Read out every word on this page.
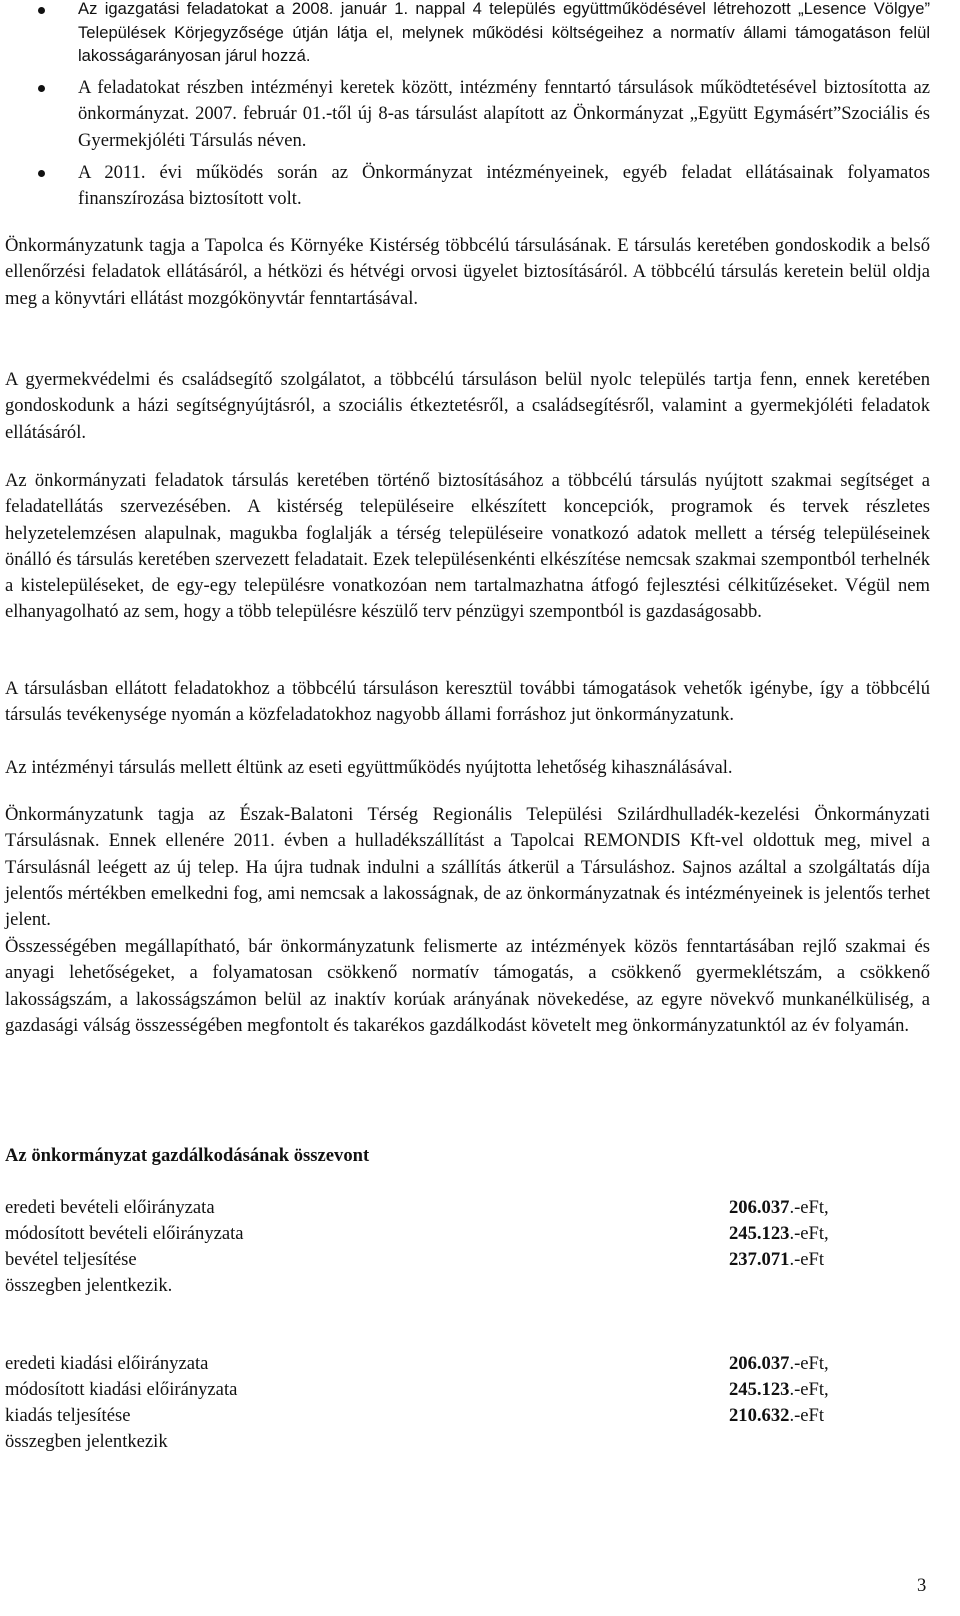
Az igazgatási feladatokat a 2008. január 1. nappal 4 település együttműködésével létrehozott „Lesence Völgye” Települések Körjegyzősége útján látja el, melynek működési költségeihez a normatív állami támogatáson felül lakosságarányosan járul hozzá.
A feladatokat részben intézményi keretek között, intézmény fenntartó társulások működtetésével biztosította az önkormányzat. 2007. február 01.-től új 8-as társulást alapított az Önkormányzat „Együtt Egymásért”Szociális és Gyermekjóléti Társulás néven.
A 2011. évi működés során az Önkormányzat intézményeinek, egyéb feladat ellátásainak folyamatos finanszírozása biztosított volt.

Önkormányzatunk tagja a Tapolca és Környéke Kistérség többcélú társulásának. E társulás keretében gondoskodik a belső ellenőrzési feladatok ellátásáról, a hétközi és hétvégi orvosi ügyelet biztosításáról. A többcélú társulás keretein belül oldja meg a könyvtári ellátást mozgókönyvtár fenntartásával.

A gyermekvédelmi és családsegítő szolgálatot, a többcélú társuláson belül nyolc település tartja fenn, ennek keretében gondoskodunk a házi segítségnyújtásról, a szociális étkeztetésről, a családsegítésről, valamint a gyermekjóléti feladatok ellátásáról.

Az önkormányzati feladatok társulás keretében történő biztosításához a többcélú társulás nyújtott szakmai segítséget a feladatellátás szervezésében. A kistérség településeire elkészített koncepciók, programok és tervek részletes helyzetelemzésen alapulnak, magukba foglalják a térség településeire vonatkozó adatok mellett a térség településeinek önálló és társulás keretében szervezett feladatait. Ezek településenkénti elkészítése nemcsak szakmai szempontból terhelnék a kistelepüléseket, de egy-egy településre vonatkozóan nem tartalmazhatna átfogó fejlesztési célkitűzéseket. Végül nem elhanyagolható az sem, hogy a több településre készülő terv pénzügyi szempontból is gazdaságosabb.

A társulásban ellátott feladatokhoz a többcélú társuláson keresztül további támogatások vehetők igénybe, így a többcélú társulás tevékenysége nyomán a közfeladatokhoz nagyobb állami forráshoz jut önkormányzatunk.

Az intézményi társulás mellett éltünk az eseti együttműködés nyújtotta lehetőség kihasználásával.

Önkormányzatunk tagja az Észak-Balatoni Térség Regionális Települési Szilárdhulladék-kezelési Önkormányzati Társulásnak. Ennek ellenére 2011. évben a hulladékszállítást a Tapolcai REMONDIS Kft-vel oldottuk meg, mivel a Társulásnál leégett az új telep. Ha újra tudnak indulni a szállítás átkerül a Társuláshoz. Sajnos azáltal a szolgáltatás díja jelentős mértékben emelkedni fog, ami nemcsak a lakosságnak, de az önkormányzatnak és intézményeinek is jelentős terhet jelent.

Összességében megállapítható, bár önkormányzatunk felismerte az intézmények közös fenntartásában rejlő szakmai és anyagi lehetőségeket, a folyamatosan csökkenő normatív támogatás, a csökkenő gyermeklétszám, a csökkenő lakosságszám, a lakosságszámon belül az inaktív korúak arányának növekedése, az egyre növekvő munkanélküliség, a gazdasági válság összességében megfontolt és takarékos gazdálkodást követelt meg önkormányzatunktól az év folyamán.

Az önkormányzat gazdálkodásának összevont

eredeti bevételi előirányzata	206.037.-eFt,

módosított bevételi előirányzata	245.123.-eFt,

bevétel teljesítése	237.071.-eFt

összegben jelentkezik.

eredeti kiadási előirányzata	206.037.-eFt,

módosított kiadási előirányzata	245.123.-eFt,

kiadás teljesítése	210.632.-eFt

összegben jelentkezik

3
